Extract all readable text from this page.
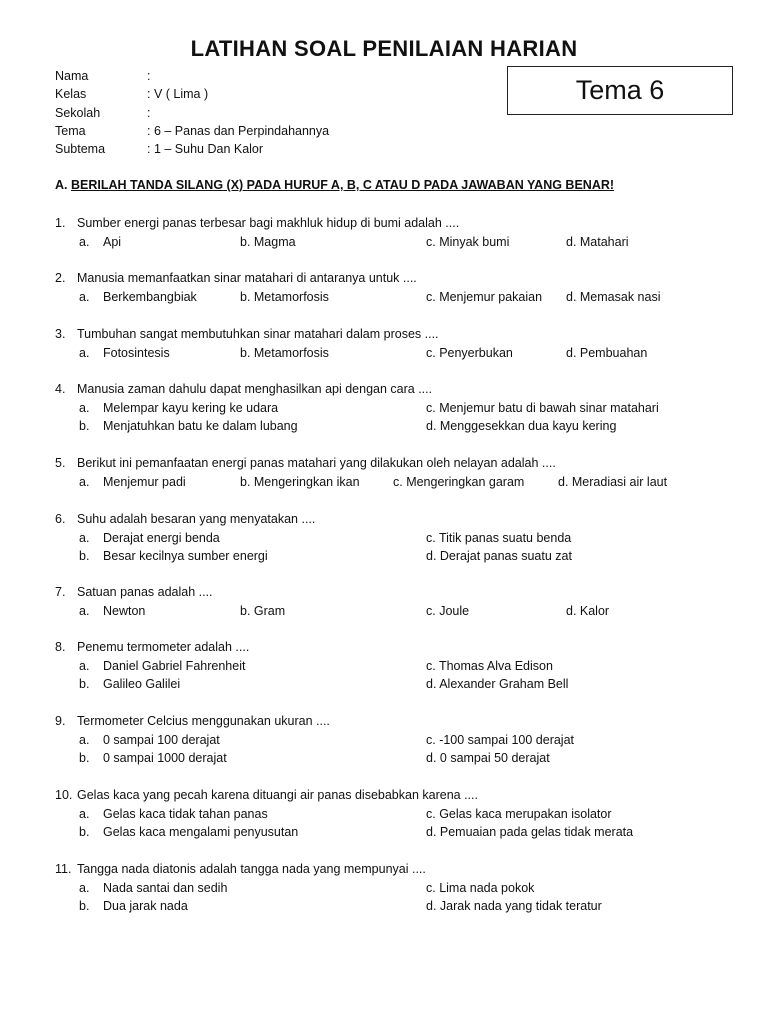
LATIHAN SOAL PENILAIAN HARIAN
Tema 6
Nama	:
Kelas	: V ( Lima )
Sekolah	:
Tema	: 6 – Panas dan Perpindahannya
Subtema	: 1 – Suhu Dan Kalor
A. BERILAH TANDA SILANG (X) PADA HURUF A, B, C ATAU D PADA JAWABAN YANG BENAR!
1. Sumber energi panas terbesar bagi makhluk hidup di bumi adalah ....
a. Api	b. Magma	c. Minyak bumi	d. Matahari
2. Manusia memanfaatkan sinar matahari di antaranya untuk ....
a. Berkembangbiak	b. Metamorfosis	c. Menjemur pakaian d. Memasak nasi
3. Tumbuhan sangat membutuhkan sinar matahari dalam proses ....
a. Fotosintesis	b. Metamorfosis	c. Penyerbukan	d. Pembuahan
4. Manusia zaman dahulu dapat menghasilkan api dengan cara ....
a. Melempar kayu kering ke udara	c. Menjemur batu di bawah sinar matahari
b. Menjatuhkan batu ke dalam lubang	d. Menggesekkan dua kayu kering
5. Berikut ini pemanfaatan energi panas matahari yang dilakukan oleh nelayan adalah ....
a. Menjemur padi	b. Mengeringkan ikan	c. Mengeringkan garam	d. Meradiasi air laut
6. Suhu adalah besaran yang menyatakan ....
a. Derajat energi benda	c. Titik panas suatu benda
b. Besar kecilnya sumber energi	d. Derajat panas suatu zat
7. Satuan panas adalah ....
a. Newton	b. Gram	c. Joule	d. Kalor
8. Penemu termometer adalah ....
a. Daniel Gabriel Fahrenheit	c. Thomas Alva Edison
b. Galileo Galilei	d. Alexander Graham Bell
9. Termometer Celcius menggunakan ukuran ....
a. 0 sampai 100 derajat	c. -100 sampai 100 derajat
b. 0 sampai 1000 derajat	d. 0 sampai 50 derajat
10. Gelas kaca yang pecah karena dituangi air panas disebabkan karena ....
a. Gelas kaca tidak tahan panas	c. Gelas kaca merupakan isolator
b. Gelas kaca mengalami penyusutan	d. Pemuaian pada gelas tidak merata
11. Tangga nada diatonis adalah tangga nada yang mempunyai ....
a. Nada santai dan sedih	c. Lima nada pokok
b. Dua jarak nada	d. Jarak nada yang tidak teratur
